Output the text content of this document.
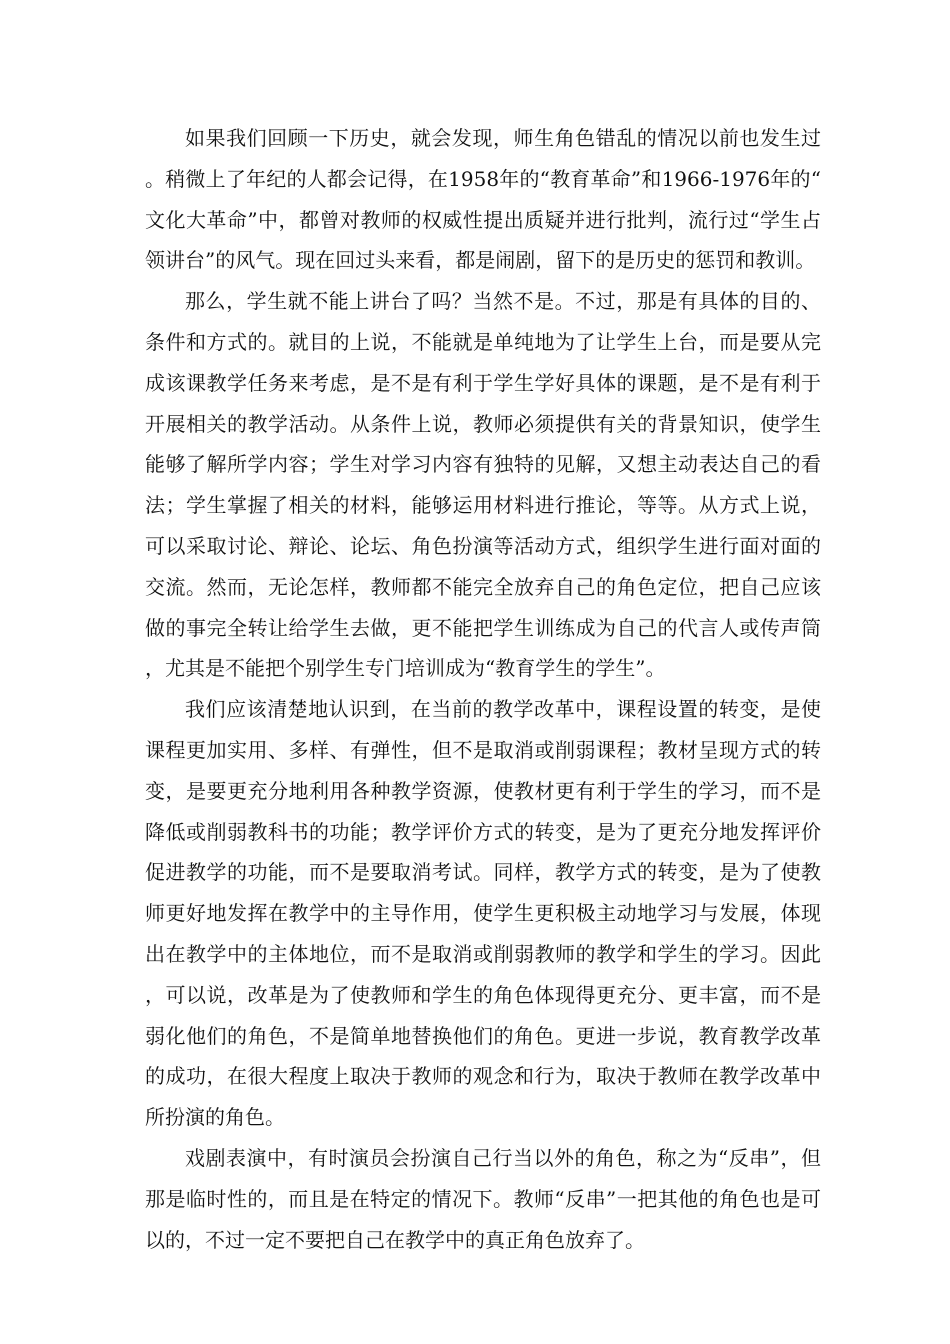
如果我们回顾一下历史，就会发现，师生角色错乱的情况以前也发生过。稍微上了年纪的人都会记得，在1958年的“教育革命”和1966-1976年的“文化大革命”中，都曾对教师的权威性提出质疑并进行批判，流行过“学生占领讲台”的风气。现在回过头来看，都是闹剧，留下的是历史的惩罚和教训。

那么，学生就不能上讲台了吗？当然不是。不过，那是有具体的目的、条件和方式的。就目的上说，不能就是单纯地为了让学生上台，而是要从完成该课教学任务来考虑，是不是有利于学生学好具体的课题，是不是有利于开展相关的教学活动。从条件上说，教师必须提供有关的背景知识，使学生能够了解所学内容；学生对学习内容有独特的见解，又想主动表达自己的看法；学生掌握了相关的材料，能够运用材料进行推论，等等。从方式上说，可以采取讨论、辩论、论坛、角色扮演等活动方式，组织学生进行面对面的交流。然而，无论怎样，教师都不能完全放弃自己的角色定位，把自己应该做的事完全转让给学生去做，更不能把学生训练成为自己的代言人或传声筒，尤其是不能把个别学生专门培训成为“教育学生的学生”。

我们应该清楚地认识到，在当前的教学改革中，课程设置的转变，是使课程更加实用、多样、有弹性，但不是取消或削弱课程；教材呈现方式的转变，是要更充分地利用各种教学资源，使教材更有利于学生的学习，而不是降低或削弱教科书的功能；教学评价方式的转变，是为了更充分地发挥评价促进教学的功能，而不是要取消考试。同样，教学方式的转变，是为了使教师更好地发挥在教学中的主导作用，使学生更积极主动地学习与发展，体现出在教学中的主体地位，而不是取消或削弱教师的教学和学生的学习。因此，可以说，改革是为了使教师和学生的角色体现得更充分、更丰富，而不是弱化他们的角色，不是简单地替换他们的角色。更进一步说，教育教学改革的成功，在很大程度上取决于教师的观念和行为，取决于教师在教学改革中所扮演的角色。

戏剧表演中，有时演员会扮演自己行当以外的角色，称之为“反串”，但那是临时性的，而且是在特定的情况下。教师“反串”一把其他的角色也是可以的，不过一定不要把自己在教学中的真正角色放弃了。
